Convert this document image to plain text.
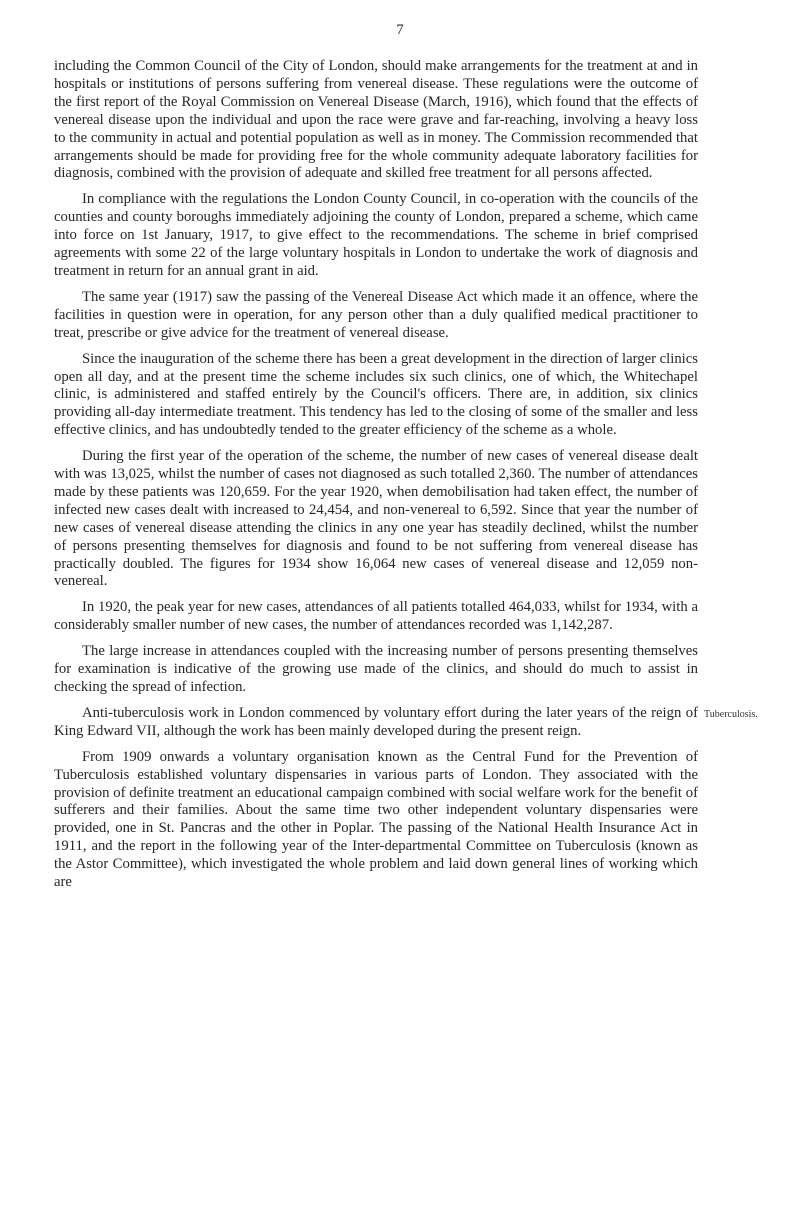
7

including the Common Council of the City of London, should make arrangements for the treatment at and in hospitals or institutions of persons suffering from venereal disease. These regulations were the outcome of the first report of the Royal Commission on Venereal Disease (March, 1916), which found that the effects of venereal disease upon the individual and upon the race were grave and far-reaching, involving a heavy loss to the community in actual and potential population as well as in money. The Commission recommended that arrangements should be made for providing free for the whole community adequate laboratory facilities for diagnosis, combined with the provision of adequate and skilled free treatment for all persons affected.

In compliance with the regulations the London County Council, in co-operation with the councils of the counties and county boroughs immediately adjoining the county of London, prepared a scheme, which came into force on 1st January, 1917, to give effect to the recommendations. The scheme in brief comprised agreements with some 22 of the large voluntary hospitals in London to undertake the work of diagnosis and treatment in return for an annual grant in aid.

The same year (1917) saw the passing of the Venereal Disease Act which made it an offence, where the facilities in question were in operation, for any person other than a duly qualified medical practitioner to treat, prescribe or give advice for the treatment of venereal disease.

Since the inauguration of the scheme there has been a great development in the direction of larger clinics open all day, and at the present time the scheme includes six such clinics, one of which, the Whitechapel clinic, is administered and staffed entirely by the Council's officers. There are, in addition, six clinics providing all-day intermediate treatment. This tendency has led to the closing of some of the smaller and less effective clinics, and has undoubtedly tended to the greater efficiency of the scheme as a whole.

During the first year of the operation of the scheme, the number of new cases of venereal disease dealt with was 13,025, whilst the number of cases not diagnosed as such totalled 2,360. The number of attendances made by these patients was 120,659. For the year 1920, when demobilisation had taken effect, the number of infected new cases dealt with increased to 24,454, and non-venereal to 6,592. Since that year the number of new cases of venereal disease attending the clinics in any one year has steadily declined, whilst the number of persons presenting themselves for diagnosis and found to be not suffering from venereal disease has practically doubled. The figures for 1934 show 16,064 new cases of venereal disease and 12,059 non-venereal.

In 1920, the peak year for new cases, attendances of all patients totalled 464,033, whilst for 1934, with a considerably smaller number of new cases, the number of attendances recorded was 1,142,287.

The large increase in attendances coupled with the increasing number of persons presenting themselves for examination is indicative of the growing use made of the clinics, and should do much to assist in checking the spread of infection.

Anti-tuberculosis work in London commenced by voluntary effort during the later years of the reign of King Edward VII, although the work has been mainly developed during the present reign.

From 1909 onwards a voluntary organisation known as the Central Fund for the Prevention of Tuberculosis established voluntary dispensaries in various parts of London. They associated with the provision of definite treatment an educational campaign combined with social welfare work for the benefit of sufferers and their families. About the same time two other independent voluntary dispensaries were provided, one in St. Pancras and the other in Poplar. The passing of the National Health Insurance Act in 1911, and the report in the following year of the Inter-departmental Committee on Tuberculosis (known as the Astor Committee), which investigated the whole problem and laid down general lines of working which are

Tuberculosis.
